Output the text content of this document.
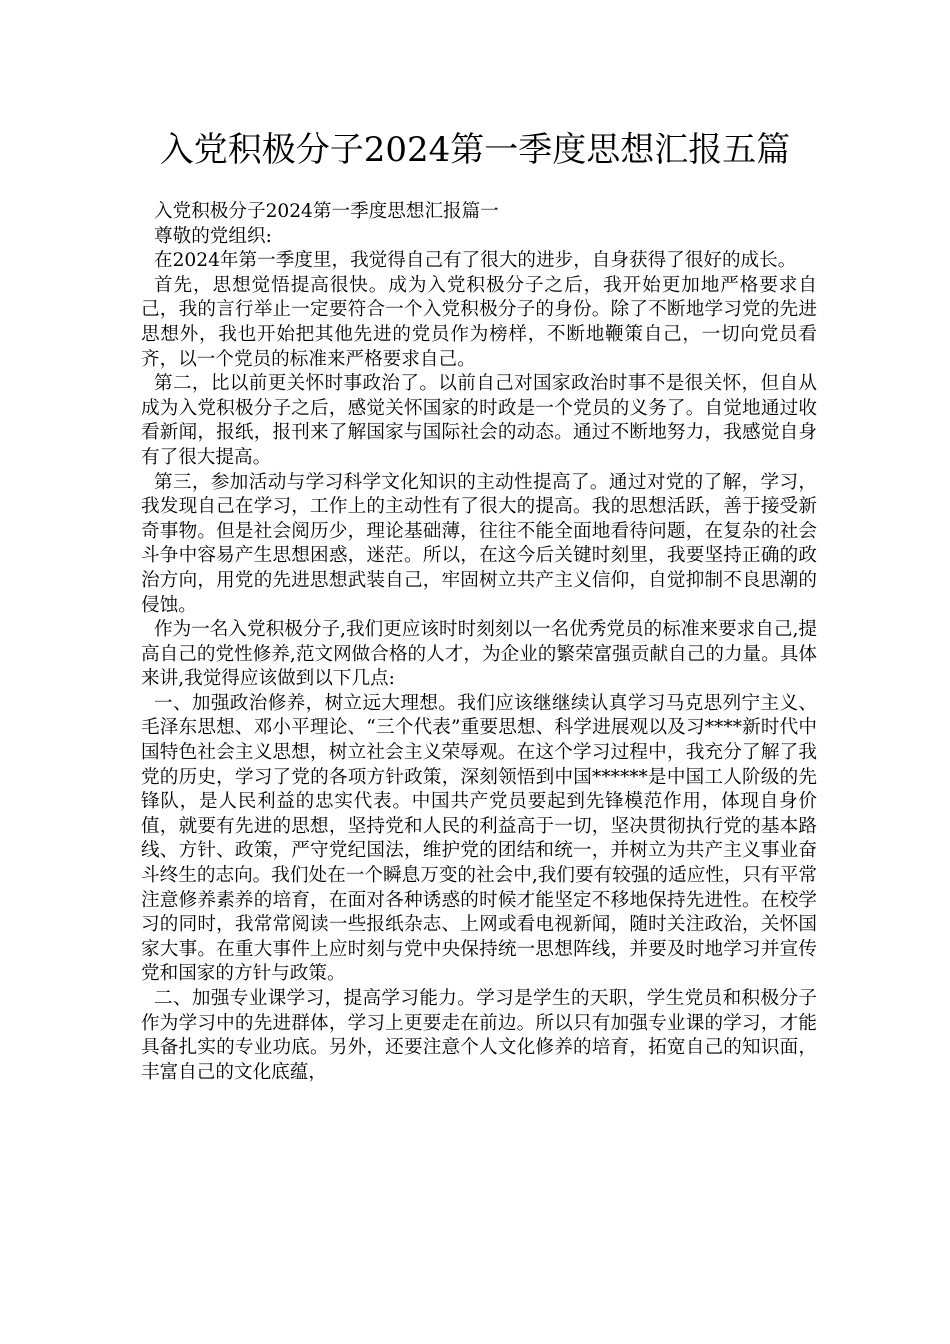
入党积极分子2024第一季度思想汇报五篇

入党积极分子2024第一季度思想汇报篇一

尊敬的党组织:

在2024年第一季度里，我觉得自己有了很大的进步，自身获得了很好的成长。

首先，思想觉悟提高很快。成为入党积极分子之后，我开始更加地严格要求自己，我的言行举止一定要符合一个入党积极分子的身份。除了不断地学习党的先进思想外，我也开始把其他先进的党员作为榜样，不断地鞭策自己，一切向党员看齐，以一个党员的标准来严格要求自己。

第二，比以前更关怀时事政治了。以前自己对国家政治时事不是很关怀，但自从成为入党积极分子之后，感觉关怀国家的时政是一个党员的义务了。自觉地通过收看新闻，报纸，报刊来了解国家与国际社会的动态。通过不断地努力，我感觉自身有了很大提高。

第三，参加活动与学习科学文化知识的主动性提高了。通过对党的了解，学习，我发现自己在学习，工作上的主动性有了很大的提高。我的思想活跃，善于接受新奇事物。但是社会阅历少，理论基础薄，往往不能全面地看待问题，在复杂的社会斗争中容易产生思想困惑，迷茫。所以，在这今后关键时刻里，我要坚持正确的政治方向，用党的先进思想武装自己，牢固树立共产主义信仰，自觉抑制不良思潮的侵蚀。

作为一名入党积极分子,我们更应该时时刻刻以一名优秀党员的标准来要求自己,提高自己的党性修养,范文网做合格的人才，为企业的繁荣富强贡献自己的力量。具体来讲,我觉得应该做到以下几点:

一、加强政治修养，树立远大理想。我们应该继继续认真学习马克思列宁主义、毛泽东思想、邓小平理论、“三个代表”重要思想、科学进展观以及习****新时代中国特色社会主义思想，树立社会主义荣辱观。在这个学习过程中，我充分了解了我党的历史，学习了党的各项方针政策，深刻领悟到中国******是中国工人阶级的先锋队，是人民利益的忠实代表。中国共产党员要起到先锋模范作用，体现自身价值，就要有先进的思想，坚持党和人民的利益高于一切，坚决贯彻执行党的基本路线、方针、政策，严守党纪国法，维护党的团结和统一，并树立为共产主义事业奋斗终生的志向。我们处在一个瞬息万变的社会中,我们要有较强的适应性，只有平常注意修养素养的培育，在面对各种诱惑的时候才能坚定不移地保持先进性。在校学习的同时，我常常阅读一些报纸杂志、上网或看电视新闻，随时关注政治，关怀国家大事。在重大事件上应时刻与党中央保持统一思想阵线，并要及时地学习并宣传党和国家的方针与政策。

二、加强专业课学习，提高学习能力。学习是学生的天职，学生党员和积极分子作为学习中的先进群体，学习上更要走在前边。所以只有加强专业课的学习，才能具备扎实的专业功底。另外，还要注意个人文化修养的培育，拓宽自己的知识面，丰富自己的文化底蕴，
